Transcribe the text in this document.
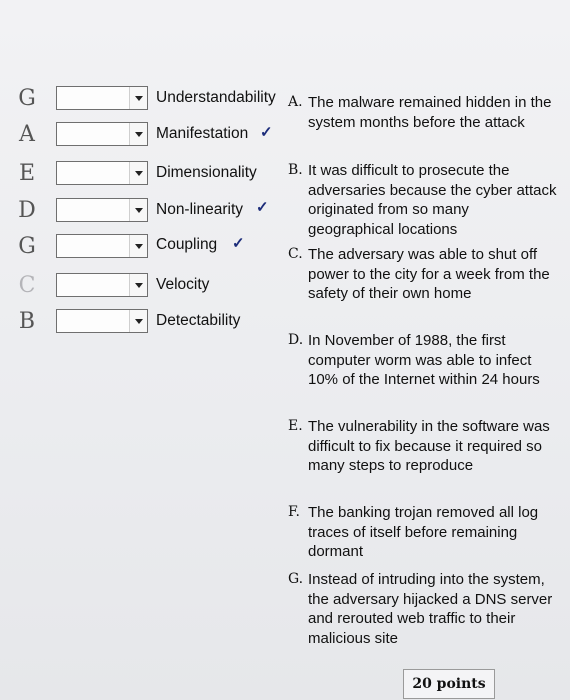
G	Understandability
A	Manifestation ✓
E	Dimensionality
D	Non-linearity ✓
G	Coupling ✓
C	Velocity
B	Detectability
A. The malware remained hidden in the system months before the attack
B. It was difficult to prosecute the adversaries because the cyber attack originated from so many geographical locations
C. The adversary was able to shut off power to the city for a week from the safety of their own home
D. In November of 1988, the first computer worm was able to infect 10% of the Internet within 24 hours
E. The vulnerability in the software was difficult to fix because it required so many steps to reproduce
F. The banking trojan removed all log traces of itself before remaining dormant
G. Instead of intruding into the system, the adversary hijacked a DNS server and rerouted web traffic to their malicious site
20 points
